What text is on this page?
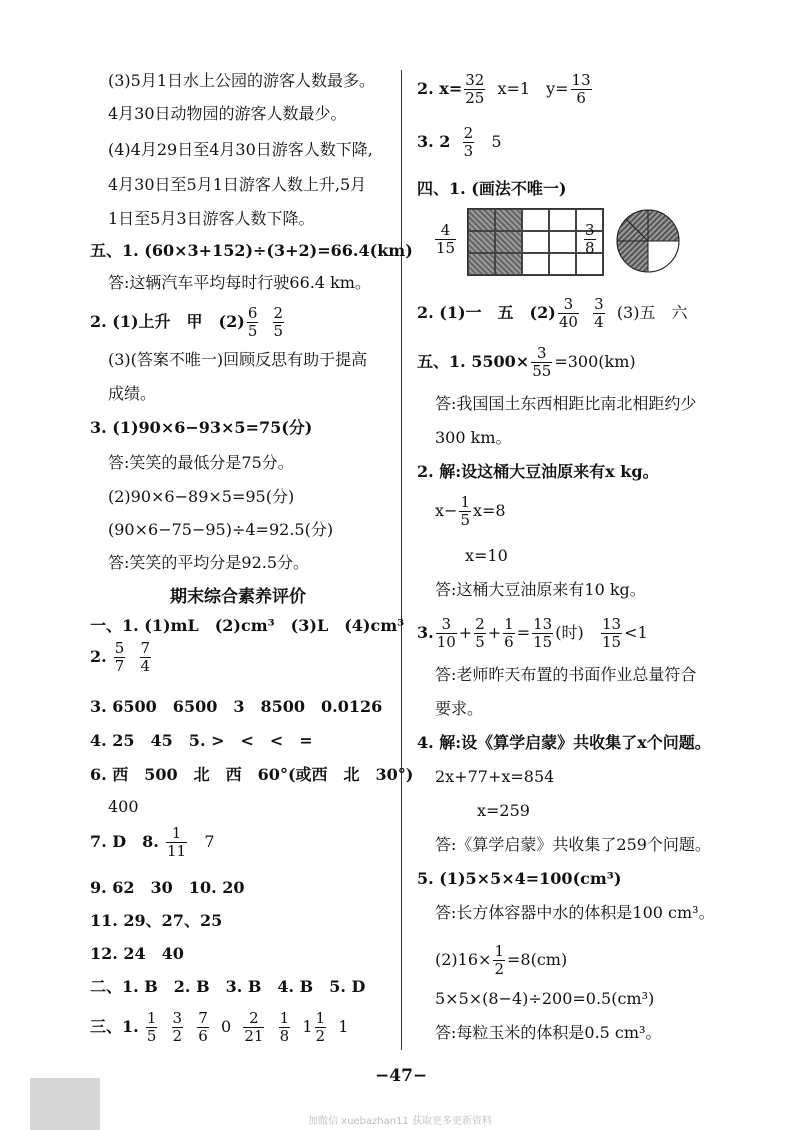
(3)5月1日水上公园的游客人数最多。
4月30日动物园的游客人数最少。
(4)4月29日至4月30日游客人数下降,
4月30日至5月1日游客人数上升,5月
1日至5月3日游客人数下降。
五、1. (60×3+152)÷(3+2)=66.4(km)
答:这辆汽车平均每时行驶66.4 km。
2. (1)上升　甲　$(2) \frac{6}{5}$
$\frac{2}{5}$
(3)(答案不唯一)回顾反思有助于提高
成绩。
3. (1)90×6−93×5=75(分)
答:笑笑的最低分是75分。
(2)90×6−89×5=95(分)
(90×6−75−95)÷4=92.5(分)
答:笑笑的平均分是92.5分。
期末综合素养评价
一、1. (1)mL　(2)cm³　(3)L　(4)cm³
2. $\frac{5}{7}$
$\frac{7}{4}$
3. 6500　6500　3　8500　0.0126
4. 25　45　5. >　<　<　=
6. 西　500　北　西　60°(或西　北　30°)
400
7. D　8. $\frac{1}{11} 7$
9. 62　30　10. 20
11. 29、27、25
12. 24　40
二、1. B　2. B　3. B　4. B　5. D
三、1. $\frac{1}{5}$
$\frac{3}{2}$
$\frac{7}{6} 0 \frac{2}{21}$
$\frac{1}{8} 1 \frac{1}{2} 1$
2. $x= \frac{32}{25} x=1$　$y= \frac{13}{6}$
3. $2 \frac{2}{3} 5$
四、1. (画法不唯一)
$\frac{4}{15}$	$\frac{3}{8}$
2. (1)一　五　$(2) \frac{3}{40}$
$\frac{3}{4} (3)$五　六
五、1. $5500\times \frac{3}{55} =300(km)$
答:我国国土东西相距比南北相距约少
300 km。
2. 解:设这桶大豆油原来有x kg。
$x- \frac{1}{5} x=8$
x=10
答:这桶大豆油原来有10 kg。
3. $\frac{3}{10} + \frac{2}{5} + \frac{1}{6} = \frac{13}{15}$ (时) $\frac{13}{15} <1$
答:老师昨天布置的书面作业总量符合
要求。
4. 解:设《算学启蒙》共收集了x个问题。
2x+77+x=854
x=259
答:《算学启蒙》共收集了259个问题。
5. (1)5×5×4=100(cm³)
答:长方体容器中水的体积是100 cm³。
$(2)16\times \frac{1}{2} =8(cm)$
5×5×(8−4)÷200=0.5(cm³)
答:每粒玉米的体积是0.5 cm³。
−47−
加微信 xuebazhan11 获取更多更新资料
